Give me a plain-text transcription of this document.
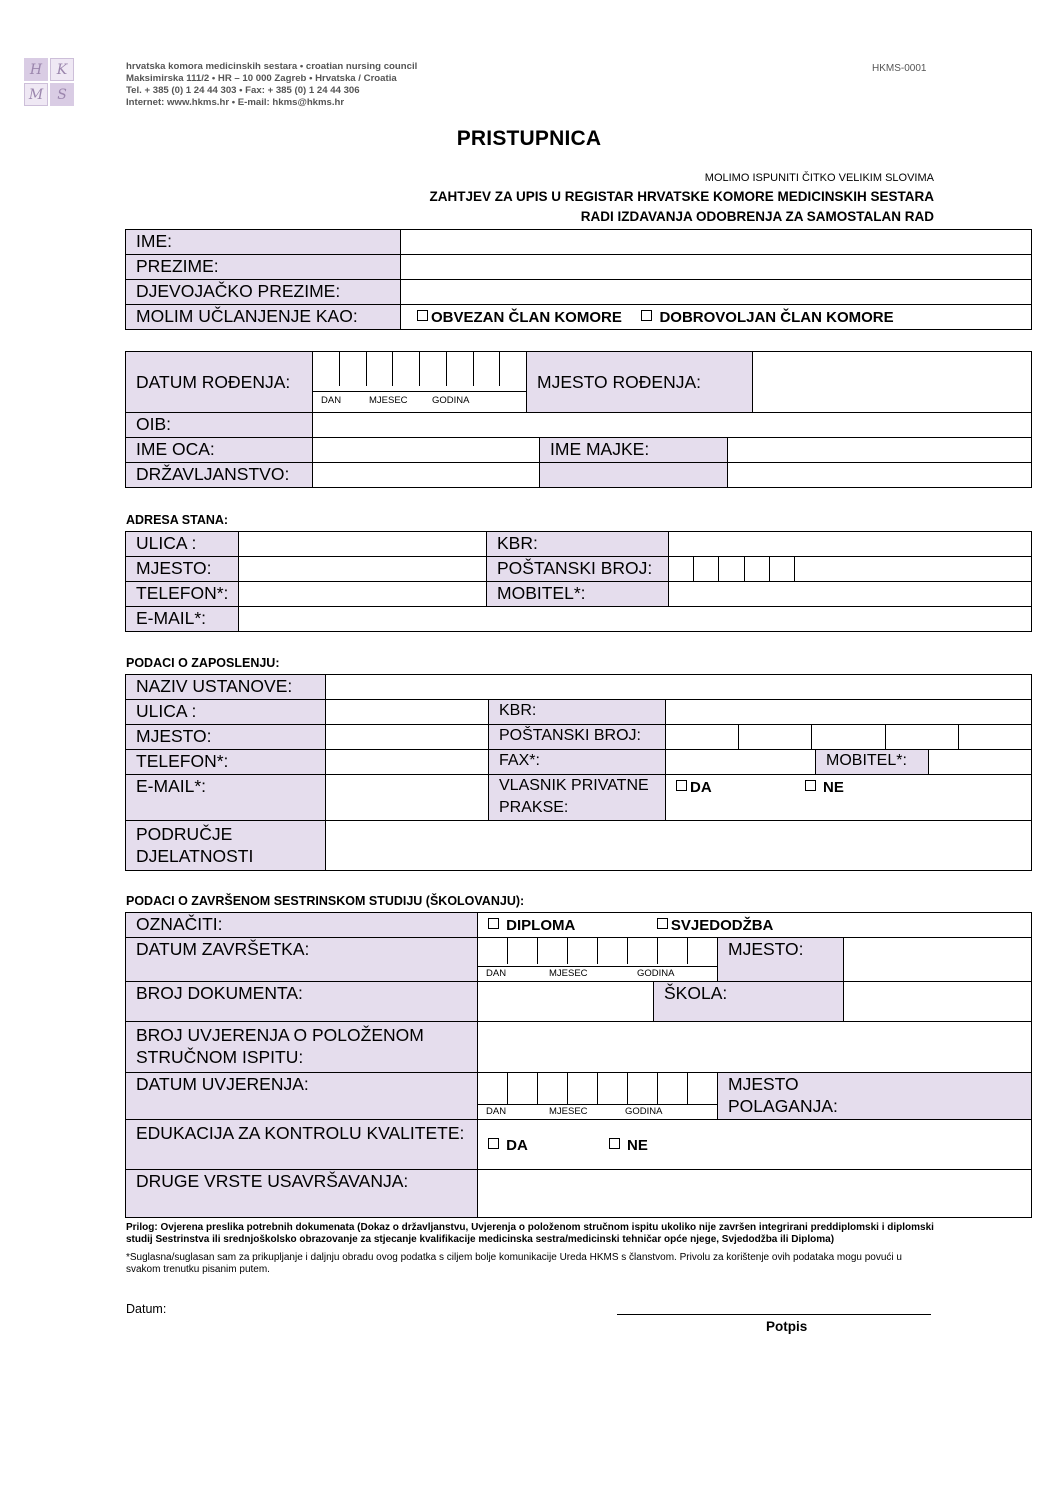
H	K
M	S
hrvatska komora medicinskih sestara • croatian nursing council
Maksimirska 111/2 • HR – 10 000 Zagreb • Hrvatska / Croatia
Tel. + 385 (0) 1 24 44 303 • Fax: + 385 (0) 1 24 44 306
Internet: www.hkms.hr • E-mail: hkms@hkms.hr
HKMS-0001
PRISTUPNICA
MOLIMO ISPUNITI ČITKO VELIKIM SLOVIMA
ZAHTJEV ZA UPIS U REGISTAR HRVATSKE KOMORE MEDICINSKIH SESTARA
RADI IZDAVANJA ODOBRENJA ZA SAMOSTALAN RAD
IME:	
PREZIME:	
DJEVOJAČKO PREZIME:	
MOLIM UČLANJENJE KAO:	OBVEZAN ČLAN KOMORE DOBROVOLJAN ČLAN KOMORE
DATUM ROĐENJA:	DAN MJESEC GODINA	MJESTO ROĐENJA:			
OIB:					
IME OCA:			IME MAJKE:		
DRŽAVLJANSTVO:					
ADRESA STANA:
ULICA :		KBR:	
MJESTO:		POŠTANSKI BROJ:	

TELEFON*:		MOBITEL*:	
E-MAIL*:			
PODACI O ZAPOSLENJU:
NAZIV USTANOVE:					
ULICA :		KBR:			
MJESTO:		POŠTANSKI BROJ:			

TELEFON*:		FAX*:		MOBITEL*:	
E-MAIL*:		VLASNIK PRIVATNE PRAKSE:	DA NE		
PODRUČJE DJELATNOSTI					
PODACI O ZAVRŠENOM SESTRINSKOM STUDIJU (ŠKOLOVANJU):
OZNAČITI:	DIPLOMA SVJEDODŽBA			
DATUM ZAVRŠETKA:	DAN MJESEC GODINA		MJESTO:	
BROJ DOKUMENTA:		ŠKOLA:		
BROJ UVJERENJA O POLOŽENOM STRUČNOM ISPITU:				
DATUM UVJERENJA:	DAN MJESEC GODINA		MJESTO POLAGANJA:	
EDUKACIJA ZA KONTROLU KVALITETE:	DA NE			
DRUGE VRSTE USAVRŠAVANJA:				
Prilog: Ovjerena preslika potrebnih dokumenata (Dokaz o državljanstvu, Uvjerenja o položenom stručnom ispitu ukoliko nije završen integrirani preddiplomski i diplomski studij Sestrinstva ili srednjoškolsko obrazovanje za stjecanje kvalifikacije medicinska sestra/medicinski tehničar opće njege, Svjedodžba ili Diploma)
*Suglasna/suglasan sam za prikupljanje i daljnju obradu ovog podatka s ciljem bolje komunikacije Ureda HKMS s članstvom. Privolu za korištenje ovih podataka mogu povući u svakom trenutku pisanim putem.
Datum:
Potpis
